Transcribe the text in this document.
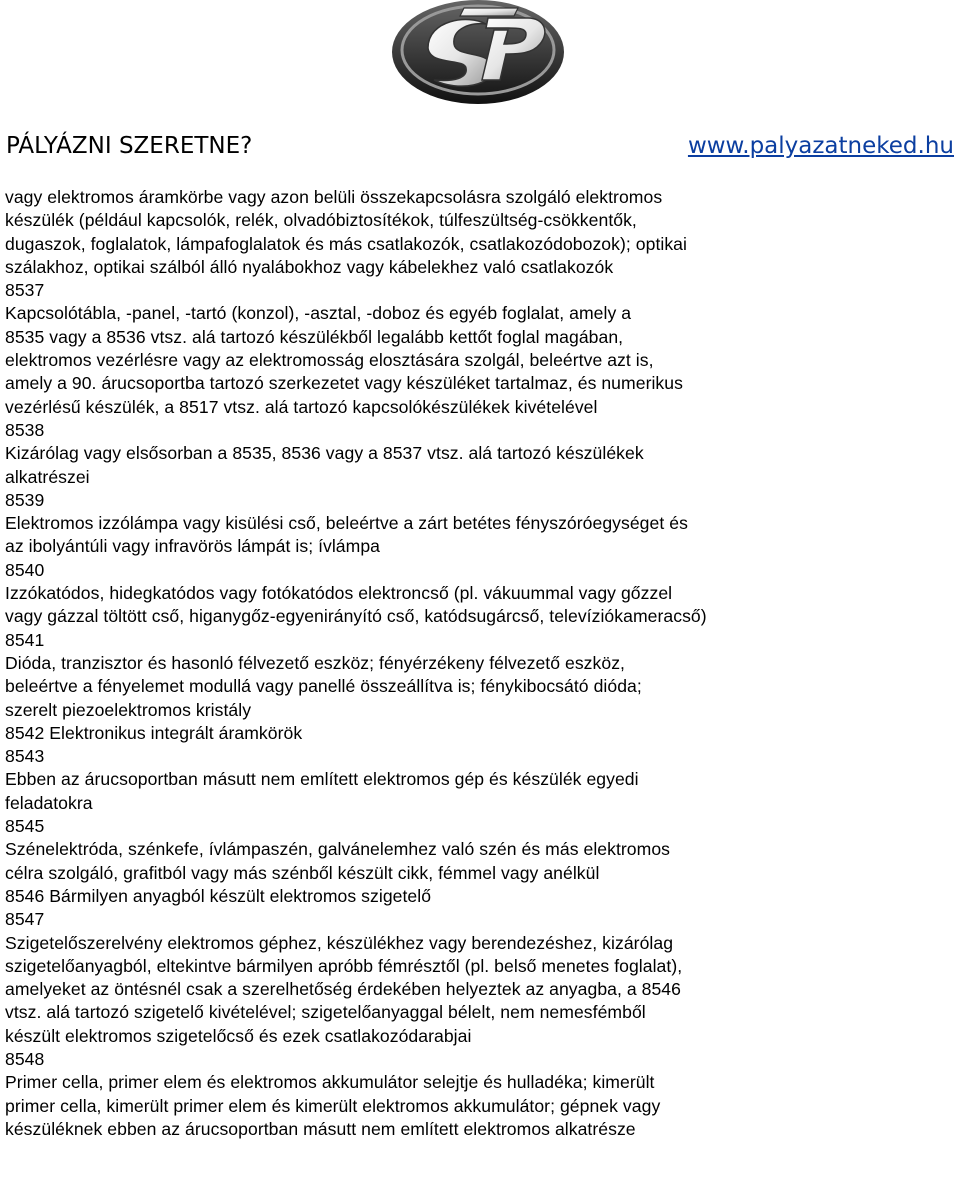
PÁLYÁZNI SZERETNE?	www.palyazatneked.hu
vagy elektromos áramkörbe vagy azon belüli összekapcsolásra szolgáló elektromos
készülék (például kapcsolók, relék, olvadóbiztosítékok, túlfeszültség-csökkentők,
dugaszok, foglalatok, lámpafoglalatok és más csatlakozók, csatlakozódobozok); optikai
szálakhoz, optikai szálból álló nyalábokhoz vagy kábelekhez való csatlakozók
8537
Kapcsolótábla, -panel, -tartó (konzol), -asztal, -doboz és egyéb foglalat, amely a
8535 vagy a 8536 vtsz. alá tartozó készülékből legalább kettőt foglal magában,
elektromos vezérlésre vagy az elektromosság elosztására szolgál, beleértve azt is,
amely a 90. árucsoportba tartozó szerkezetet vagy készüléket tartalmaz, és numerikus
vezérlésű készülék, a 8517 vtsz. alá tartozó kapcsolókészülékek kivételével
8538
Kizárólag vagy elsősorban a 8535, 8536 vagy a 8537 vtsz. alá tartozó készülékek
alkatrészei
8539
Elektromos izzólámpa vagy kisülési cső, beleértve a zárt betétes fényszóróegységet és
az ibolyántúli vagy infravörös lámpát is; ívlámpa
8540
Izzókatódos, hidegkatódos vagy fotókatódos elektroncső (pl. vákuummal vagy gőzzel
vagy gázzal töltött cső, higanygőz-egyenirányító cső, katódsugárcső, televíziókameracső)
8541
Dióda, tranzisztor és hasonló félvezető eszköz; fényérzékeny félvezető eszköz,
beleértve a fényelemet modullá vagy panellé összeállítva is; fénykibocsátó dióda;
szerelt piezoelektromos kristály
8542 Elektronikus integrált áramkörök
8543
Ebben az árucsoportban másutt nem említett elektromos gép és készülék egyedi
feladatokra
8545
Szénelektróda, szénkefe, ívlámpaszén, galvánelemhez való szén és más elektromos
célra szolgáló, grafitból vagy más szénből készült cikk, fémmel vagy anélkül
8546 Bármilyen anyagból készült elektromos szigetelő
8547
Szigetelőszerelvény elektromos géphez, készülékhez vagy berendezéshez, kizárólag
szigetelőanyagból, eltekintve bármilyen apróbb fémrésztől (pl. belső menetes foglalat),
amelyeket az öntésnél csak a szerelhetőség érdekében helyeztek az anyagba, a 8546
vtsz. alá tartozó szigetelő kivételével; szigetelőanyaggal bélelt, nem nemesfémből
készült elektromos szigetelőcső és ezek csatlakozódarabjai
8548
Primer cella, primer elem és elektromos akkumulátor selejtje és hulladéka; kimerült
primer cella, kimerült primer elem és kimerült elektromos akkumulátor; gépnek vagy
készüléknek ebben az árucsoportban másutt nem említett elektromos alkatrésze
